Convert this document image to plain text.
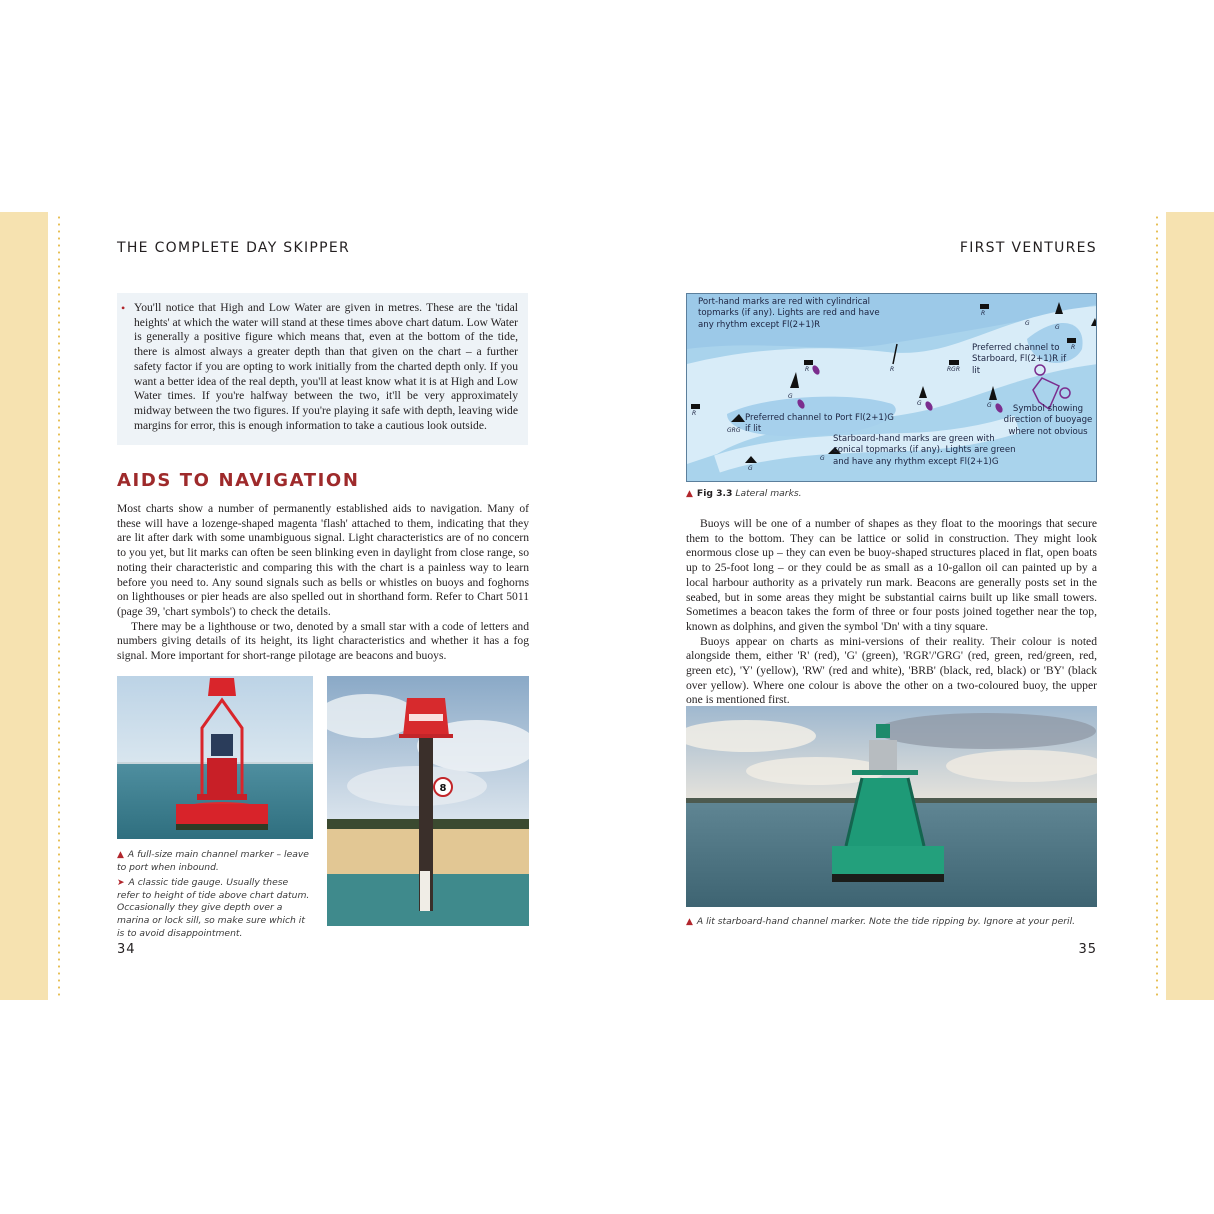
THE COMPLETE DAY SKIPPER
• You'll notice that High and Low Water are given in metres. These are the 'tidal heights' at which the water will stand at these times above chart datum. Low Water is generally a positive figure which means that, even at the bottom of the tide, there is almost always a greater depth than that given on the chart – a further safety factor if you are opting to work initially from the charted depth only. If you want a better idea of the real depth, you'll at least know what it is at High and Low Water times. If you're halfway between the two, it'll be very approximately midway between the two figures. If you're playing it safe with depth, leaving wide margins for error, this is enough information to take a cautious look outside.

AIDS TO NAVIGATION

Most charts show a number of permanently established aids to navigation. Many of these will have a lozenge-shaped magenta 'flash' attached to them, indicating that they are lit after dark with some unambiguous signal. Light characteristics are of no concern to you yet, but lit marks can often be seen blinking even in daylight from close range, so noting their characteristic and comparing this with the chart is a painless way to learn before you need to. Any sound signals such as bells or whistles on buoys and foghorns on lighthouses or pier heads are also spelled out in shorthand form. Refer to Chart 5011 (page 39, 'chart symbols') to check the details.

There may be a lighthouse or two, denoted by a small star with a code of letters and numbers giving details of its height, its light characteristics and whether it has a fog signal. More important for short-range pilotage are beacons and buoys.

8

▲ A full-size main channel marker – leave to port when inbound.

➤ A classic tide gauge. Usually these refer to height of tide above chart datum. Occasionally they give depth over a marina or lock sill, so make sure which it is to avoid disappointment.

34
FIRST VENTURES
Port-hand marks are red with cylindrical topmarks (if any). Lights are red and have any rhythm except Fl(2+1)R
Preferred channel to Starboard, Fl(2+1)R if lit
Preferred channel to Port Fl(2+1)G if lit
Symbol showing direction of buoyage where not obvious
Starboard-hand marks are green with conical topmarks (if any). Lights are green and have any rhythm except Fl(2+1)G
R
R
R
R
R
RGR
GRG
G
G
G
G	G
G
G

▲ Fig 3.3 Lateral marks.

Buoys will be one of a number of shapes as they float to the moorings that secure them to the bottom. They can be lattice or solid in construction. They might look enormous close up – they can even be buoy-shaped structures placed in flat, open boats up to 25-foot long – or they could be as small as a 10-gallon oil can painted up by a local harbour authority as a privately run mark. Beacons are generally posts set in the seabed, but in some areas they might be substantial cairns built up like small towers. Sometimes a beacon takes the form of three or four posts joined together near the top, known as dolphins, and given the symbol 'Dn' with a tiny square.

Buoys appear on charts as mini-versions of their reality. Their colour is noted alongside them, either 'R' (red), 'G' (green), 'RGR'/'GRG' (red, green, red/green, red, green etc), 'Y' (yellow), 'RW' (red and white), 'BRB' (black, red, black) or 'BY' (black over yellow). Where one colour is above the other on a two-coloured buoy, the upper one is mentioned first.

▲ A lit starboard-hand channel marker. Note the tide ripping by. Ignore at your peril.

35
